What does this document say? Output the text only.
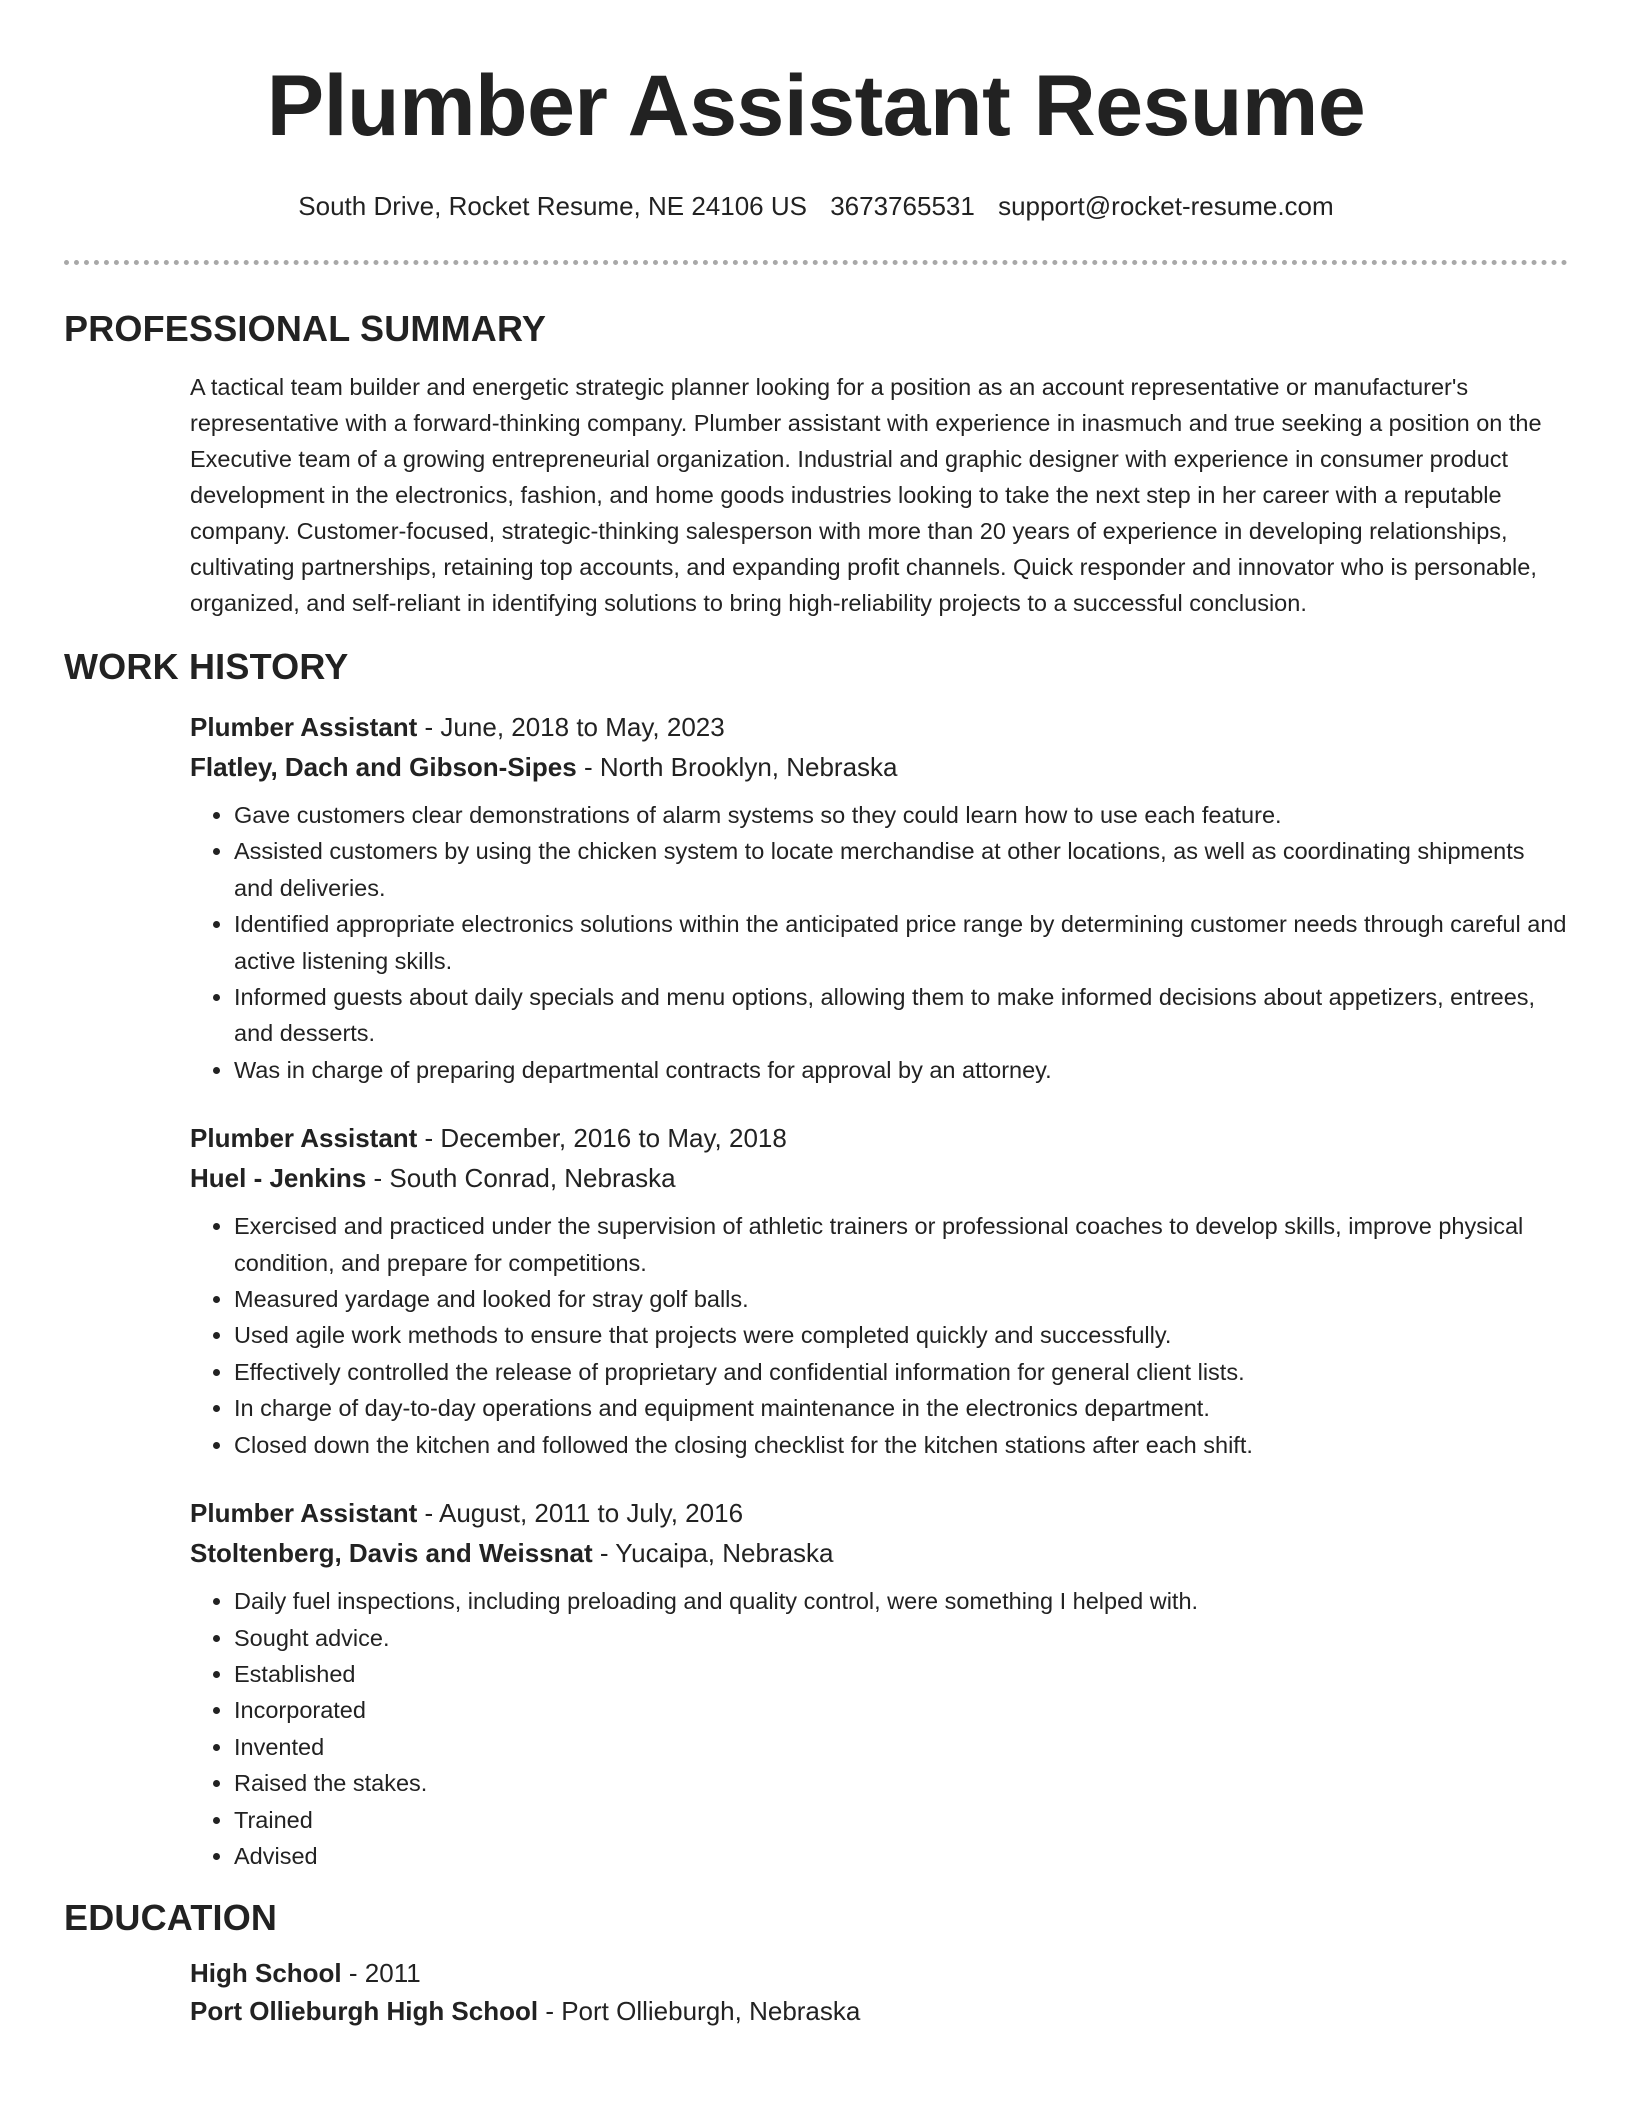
Plumber Assistant Resume
South Drive, Rocket Resume, NE 24106 US 3673765531 support@rocket-resume.com
PROFESSIONAL SUMMARY
A tactical team builder and energetic strategic planner looking for a position as an account representative or manufacturer's representative with a forward-thinking company. Plumber assistant with experience in inasmuch and true seeking a position on the Executive team of a growing entrepreneurial organization. Industrial and graphic designer with experience in consumer product development in the electronics, fashion, and home goods industries looking to take the next step in her career with a reputable company. Customer-focused, strategic-thinking salesperson with more than 20 years of experience in developing relationships, cultivating partnerships, retaining top accounts, and expanding profit channels. Quick responder and innovator who is personable, organized, and self-reliant in identifying solutions to bring high-reliability projects to a successful conclusion.
WORK HISTORY
Plumber Assistant - June, 2018 to May, 2023
Flatley, Dach and Gibson-Sipes - North Brooklyn, Nebraska
• Gave customers clear demonstrations of alarm systems so they could learn how to use each feature.
• Assisted customers by using the chicken system to locate merchandise at other locations, as well as coordinating shipments and deliveries.
• Identified appropriate electronics solutions within the anticipated price range by determining customer needs through careful and active listening skills.
• Informed guests about daily specials and menu options, allowing them to make informed decisions about appetizers, entrees, and desserts.
• Was in charge of preparing departmental contracts for approval by an attorney.
Plumber Assistant - December, 2016 to May, 2018
Huel - Jenkins - South Conrad, Nebraska
• Exercised and practiced under the supervision of athletic trainers or professional coaches to develop skills, improve physical condition, and prepare for competitions.
• Measured yardage and looked for stray golf balls.
• Used agile work methods to ensure that projects were completed quickly and successfully.
• Effectively controlled the release of proprietary and confidential information for general client lists.
• In charge of day-to-day operations and equipment maintenance in the electronics department.
• Closed down the kitchen and followed the closing checklist for the kitchen stations after each shift.
Plumber Assistant - August, 2011 to July, 2016
Stoltenberg, Davis and Weissnat - Yucaipa, Nebraska
• Daily fuel inspections, including preloading and quality control, were something I helped with.
• Sought advice.
• Established
• Incorporated
• Invented
• Raised the stakes.
• Trained
• Advised
EDUCATION
High School - 2011
Port Ollieburgh High School - Port Ollieburgh, Nebraska
